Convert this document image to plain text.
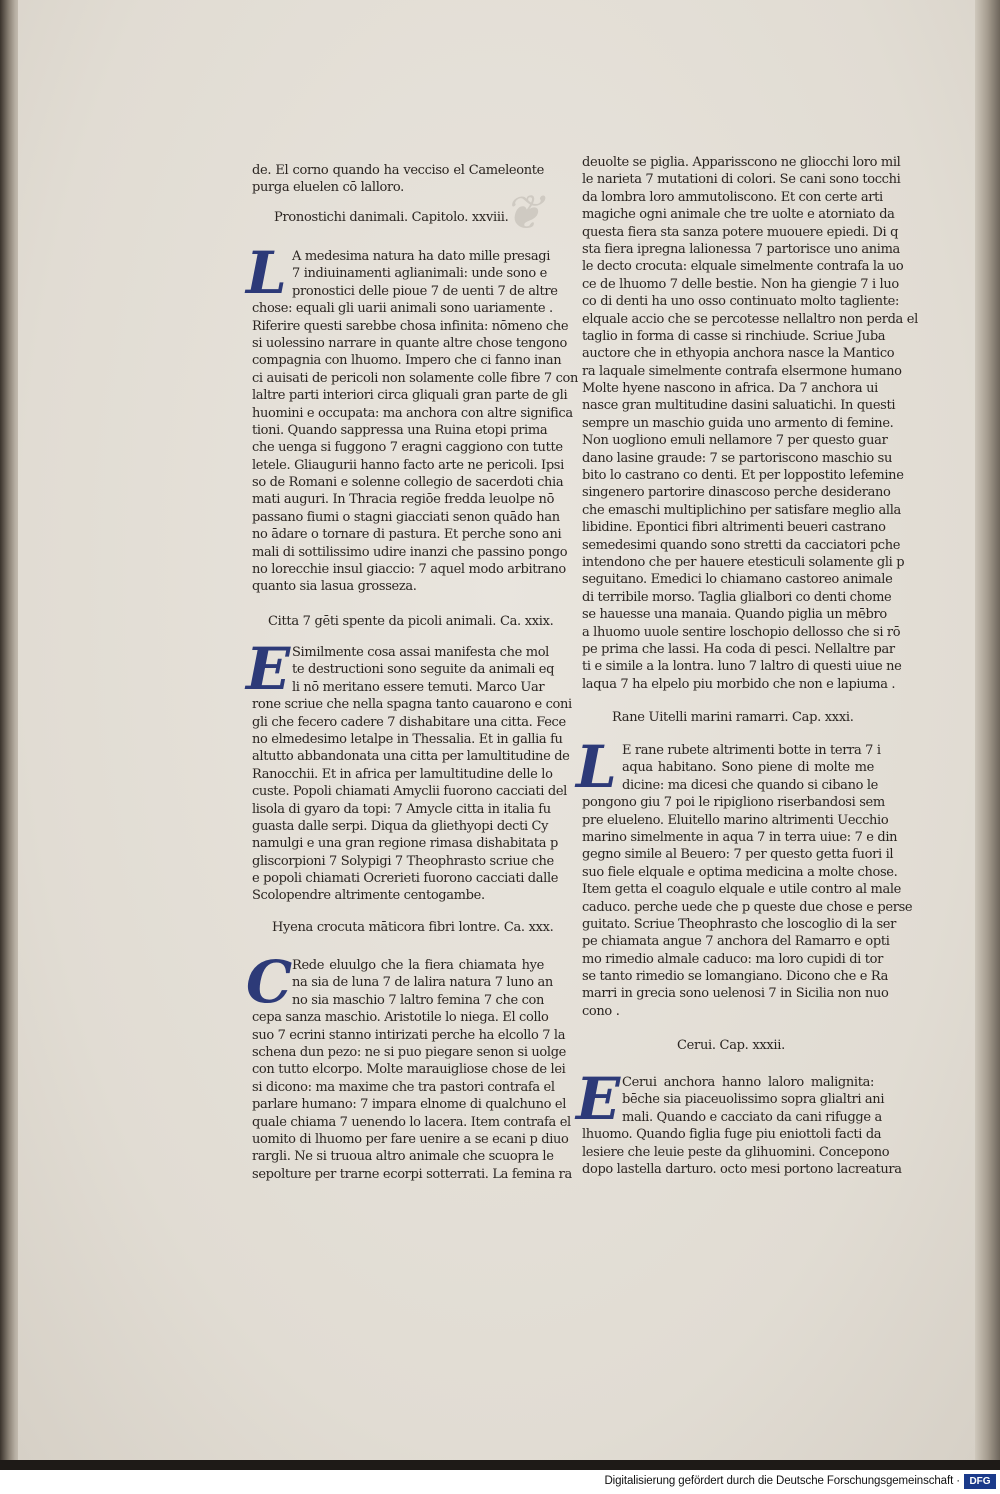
❦
de. El corno quando ha vecciso el Cameleonte
purga eluelen cō lalloro.
Pronostichi danimali. Capitolo. xxviii.
L A medesima natura ha dato mille presagi
7 indiuinamenti aglianimali: unde sono e
pronostici delle pioue 7 de uenti 7 de altre
chose: equali gli uarii animali sono uariamente .
Riferire questi sarebbe chosa infinita: nōmeno che
si uolessino narrare in quante altre chose tengono
compagnia con lhuomo. Impero che ci fanno inan
ci auisati de pericoli non solamente colle fibre 7 con
laltre parti interiori circa gliquali gran parte de gli
huomini e occupata: ma anchora con altre significa
tioni. Quando sappressa una Ruina etopi prima
che uenga si fuggono 7 eragni caggiono con tutte
letele. Gliaugurii hanno facto arte ne pericoli. Ipsi
so de Romani e solenne collegio de sacerdoti chia
mati auguri. In Thracia regiōe fredda leuolpe nō
passano fiumi o stagni giacciati senon quādo han
no ādare o tornare di pastura. Et perche sono ani
mali di sottilissimo udire inanzi che passino pongo
no lorecchie insul giaccio: 7 aquel modo arbitrano
quanto sia lasua grosseza.
Citta 7 gēti spente da picoli animali. Ca. xxix.
E Similmente cosa assai manifesta che mol
te destructioni sono seguite da animali eq
li nō meritano essere temuti. Marco Uar
rone scriue che nella spagna tanto cauarono e coni
gli che fecero cadere 7 dishabitare una citta. Fece
no elmedesimo letalpe in Thessalia. Et in gallia fu
altutto abbandonata una citta per lamultitudine de
Ranocchii. Et in africa per lamultitudine delle lo
custe. Popoli chiamati Amyclii fuorono cacciati del
lisola di gyaro da topi: 7 Amycle citta in italia fu
guasta dalle serpi. Diqua da gliethyopi decti Cy
namulgi e una gran regione rimasa dishabitata p
gliscorpioni 7 Solypigi 7 Theophrasto scriue che
e popoli chiamati Ocrerieti fuorono cacciati dalle
Scolopendre altrimente centogambe.
Hyena crocuta māticora fibri lontre. Ca. xxx.
C Rede eluulgo che la fiera chiamata hye
na sia de luna 7 de lalira natura 7 luno an
no sia maschio 7 laltro femina 7 che con
cepa sanza maschio. Aristotile lo niega. El collo
suo 7 ecrini stanno intirizati perche ha elcollo 7 la
schena dun pezo: ne si puo piegare senon si uolge
con tutto elcorpo. Molte marauigliose chose de lei
si dicono: ma maxime che tra pastori contrafa el
parlare humano: 7 impara elnome di qualchuno el
quale chiama 7 uenendo lo lacera. Item contrafa el
uomito di lhuomo per fare uenire a se ecani p diuo
rargli. Ne si truoua altro animale che scuopra le
sepolture per trarne ecorpi sotterrati. La femina ra
deuolte se piglia. Apparisscono ne gliocchi loro mil
le narieta 7 mutationi di colori. Se cani sono tocchi
da lombra loro ammutoliscono. Et con certe arti
magiche ogni animale che tre uolte e atorniato da
questa fiera sta sanza potere muouere epiedi. Di q
sta fiera ipregna lalionessa 7 partorisce uno anima
le decto crocuta: elquale simelmente contrafa la uo
ce de lhuomo 7 delle bestie. Non ha giengie 7 i luo
co di denti ha uno osso continuato molto tagliente:
elquale accio che se percotesse nellaltro non perda el
taglio in forma di casse si rinchiude. Scriue Juba
auctore che in ethyopia anchora nasce la Mantico
ra laquale simelmente contrafa elsermone humano
Molte hyene nascono in africa. Da 7 anchora ui
nasce gran multitudine dasini saluatichi. In questi
sempre un maschio guida uno armento di femine.
Non uogliono emuli nellamore 7 per questo guar
dano lasine graude: 7 se partoriscono maschio su
bito lo castrano co denti. Et per loppostito lefemine
singenero partorire dinascoso perche desiderano
che emaschi multiplichino per satisfare meglio alla
libidine. Epontici fibri altrimenti beueri castrano
semedesimi quando sono stretti da cacciatori pche
intendono che per hauere etesticuli solamente gli p
seguitano. Emedici lo chiamano castoreo animale
di terribile morso. Taglia glialbori co denti chome
se hauesse una manaia. Quando piglia un mēbro
a lhuomo uuole sentire loschopio dellosso che si rō
pe prima che lassi. Ha coda di pesci. Nellaltre par
ti e simile a la lontra. luno 7 laltro di questi uiue ne
laqua 7 ha elpelo piu morbido che non e lapiuma .
Rane Uitelli marini ramarri. Cap. xxxi.
L E rane rubete altrimenti botte in terra 7 i
aqua habitano. Sono piene di molte me
dicine: ma dicesi che quando si cibano le
pongono giu 7 poi le ripigliono riserbandosi sem
pre elueleno. Eluitello marino altrimenti Uecchio
marino simelmente in aqua 7 in terra uiue: 7 e din
gegno simile al Beuero: 7 per questo getta fuori il
suo fiele elquale e optima medicina a molte chose.
Item getta el coagulo elquale e utile contro al male
caduco. perche uede che p queste due chose e perse
guitato. Scriue Theophrasto che loscoglio di la ser
pe chiamata angue 7 anchora del Ramarro e opti
mo rimedio almale caduco: ma loro cupidi di tor
se tanto rimedio se lomangiano. Dicono che e Ra
marri in grecia sono uelenosi 7 in Sicilia non nuo
cono .
Cerui. Cap. xxxii.
E Cerui anchora hanno laloro malignita:
bēche sia piaceuolissimo sopra glialtri ani
mali. Quando e cacciato da cani rifugge a
lhuomo. Quando figlia fuge piu eniottoli facti da
lesiere che leuie peste da glihuomini. Concepono
dopo lastella darturo. octo mesi portono lacreatura
Digitalisierung gefördert durch die Deutsche Forschungsgemeinschaft · DFG
